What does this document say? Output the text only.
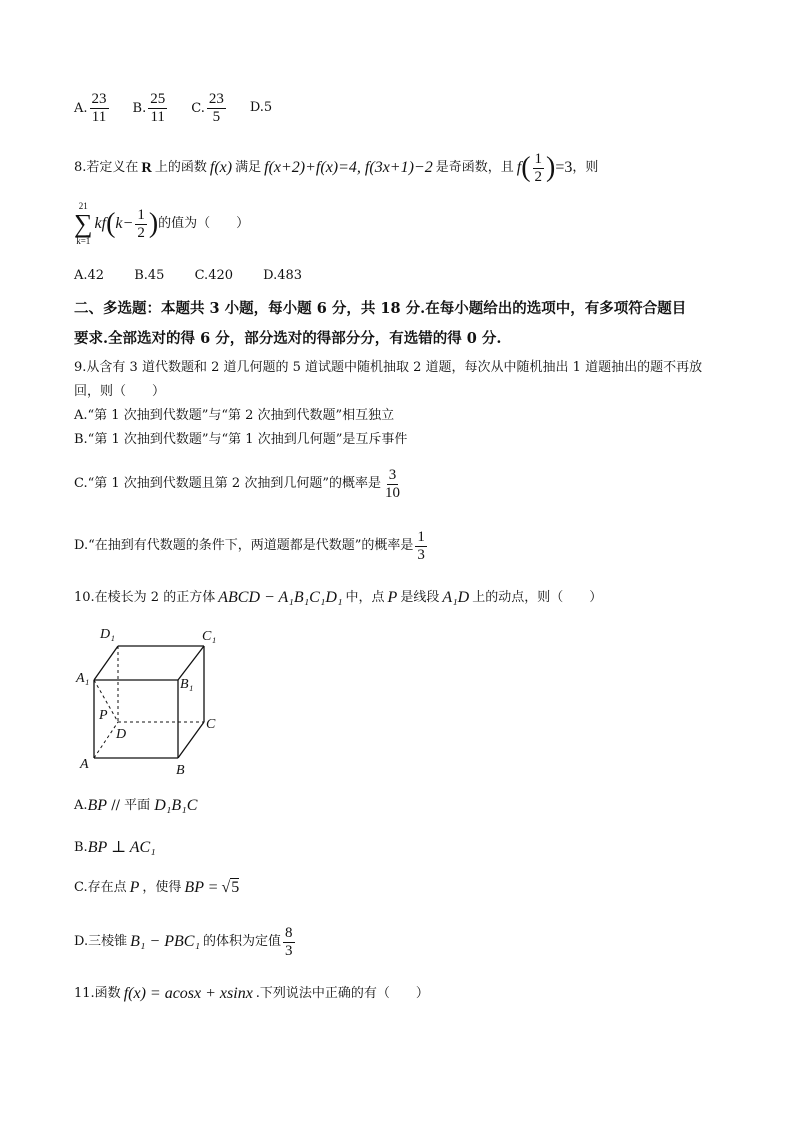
A. $\frac{23}{11} B$. $\frac{25}{11} C$. $\frac{23}{5} D.5$
8.若定义在 R 上的函数 f(x) 满足 f(x+2)+f(x)=4, f(3x+1)−2 是奇函数，且 f ( $\frac{1}{2}$ ) =3 ，则
21
∑
k=1
kf ( $k- \frac{1}{2}$ ) 的值为（　　）
A.42 B.45 C.420 D.483
二、多选题：本题共 3 小题，每小题 6 分，共 18 分.在每小题给出的选项中，有多项符合题目
要求.全部选对的得 6 分，部分选对的得部分分，有选错的得 0 分.
9.从含有 3 道代数题和 2 道几何题的 5 道试题中随机抽取 2 道题，每次从中随机抽出 1 道题抽出的题不再放
回，则（　　）
A.“第 1 次抽到代数题”与“第 2 次抽到代数题”相互独立
B.“第 1 次抽到代数题”与“第 1 次抽到几何题”是互斥事件
C.“第 1 次抽到代数题且第 2 次抽到几何题”的概率是 $\frac{3}{10}$
D.“在抽到有代数题的条件下，两道题都是代数题”的概率是 $\frac{1}{3}$
10.在棱长为 2 的正方体 ABCD − A₁B₁C₁D₁ 中，点 P 是线段 A₁D 上的动点，则（　　）
D₁	C₁
A₁	B₁
P
D
C
A	B
A. BP // 平面 D₁B₁C
B. BP ⊥ AC₁
C.存在点 P ，使得 BP = √5
D.三棱锥 B₁ − PBC₁ 的体积为定值 $\frac{8}{3}$
11.函数 f(x) = acosx + xsinx .下列说法中正确的有（　　）
